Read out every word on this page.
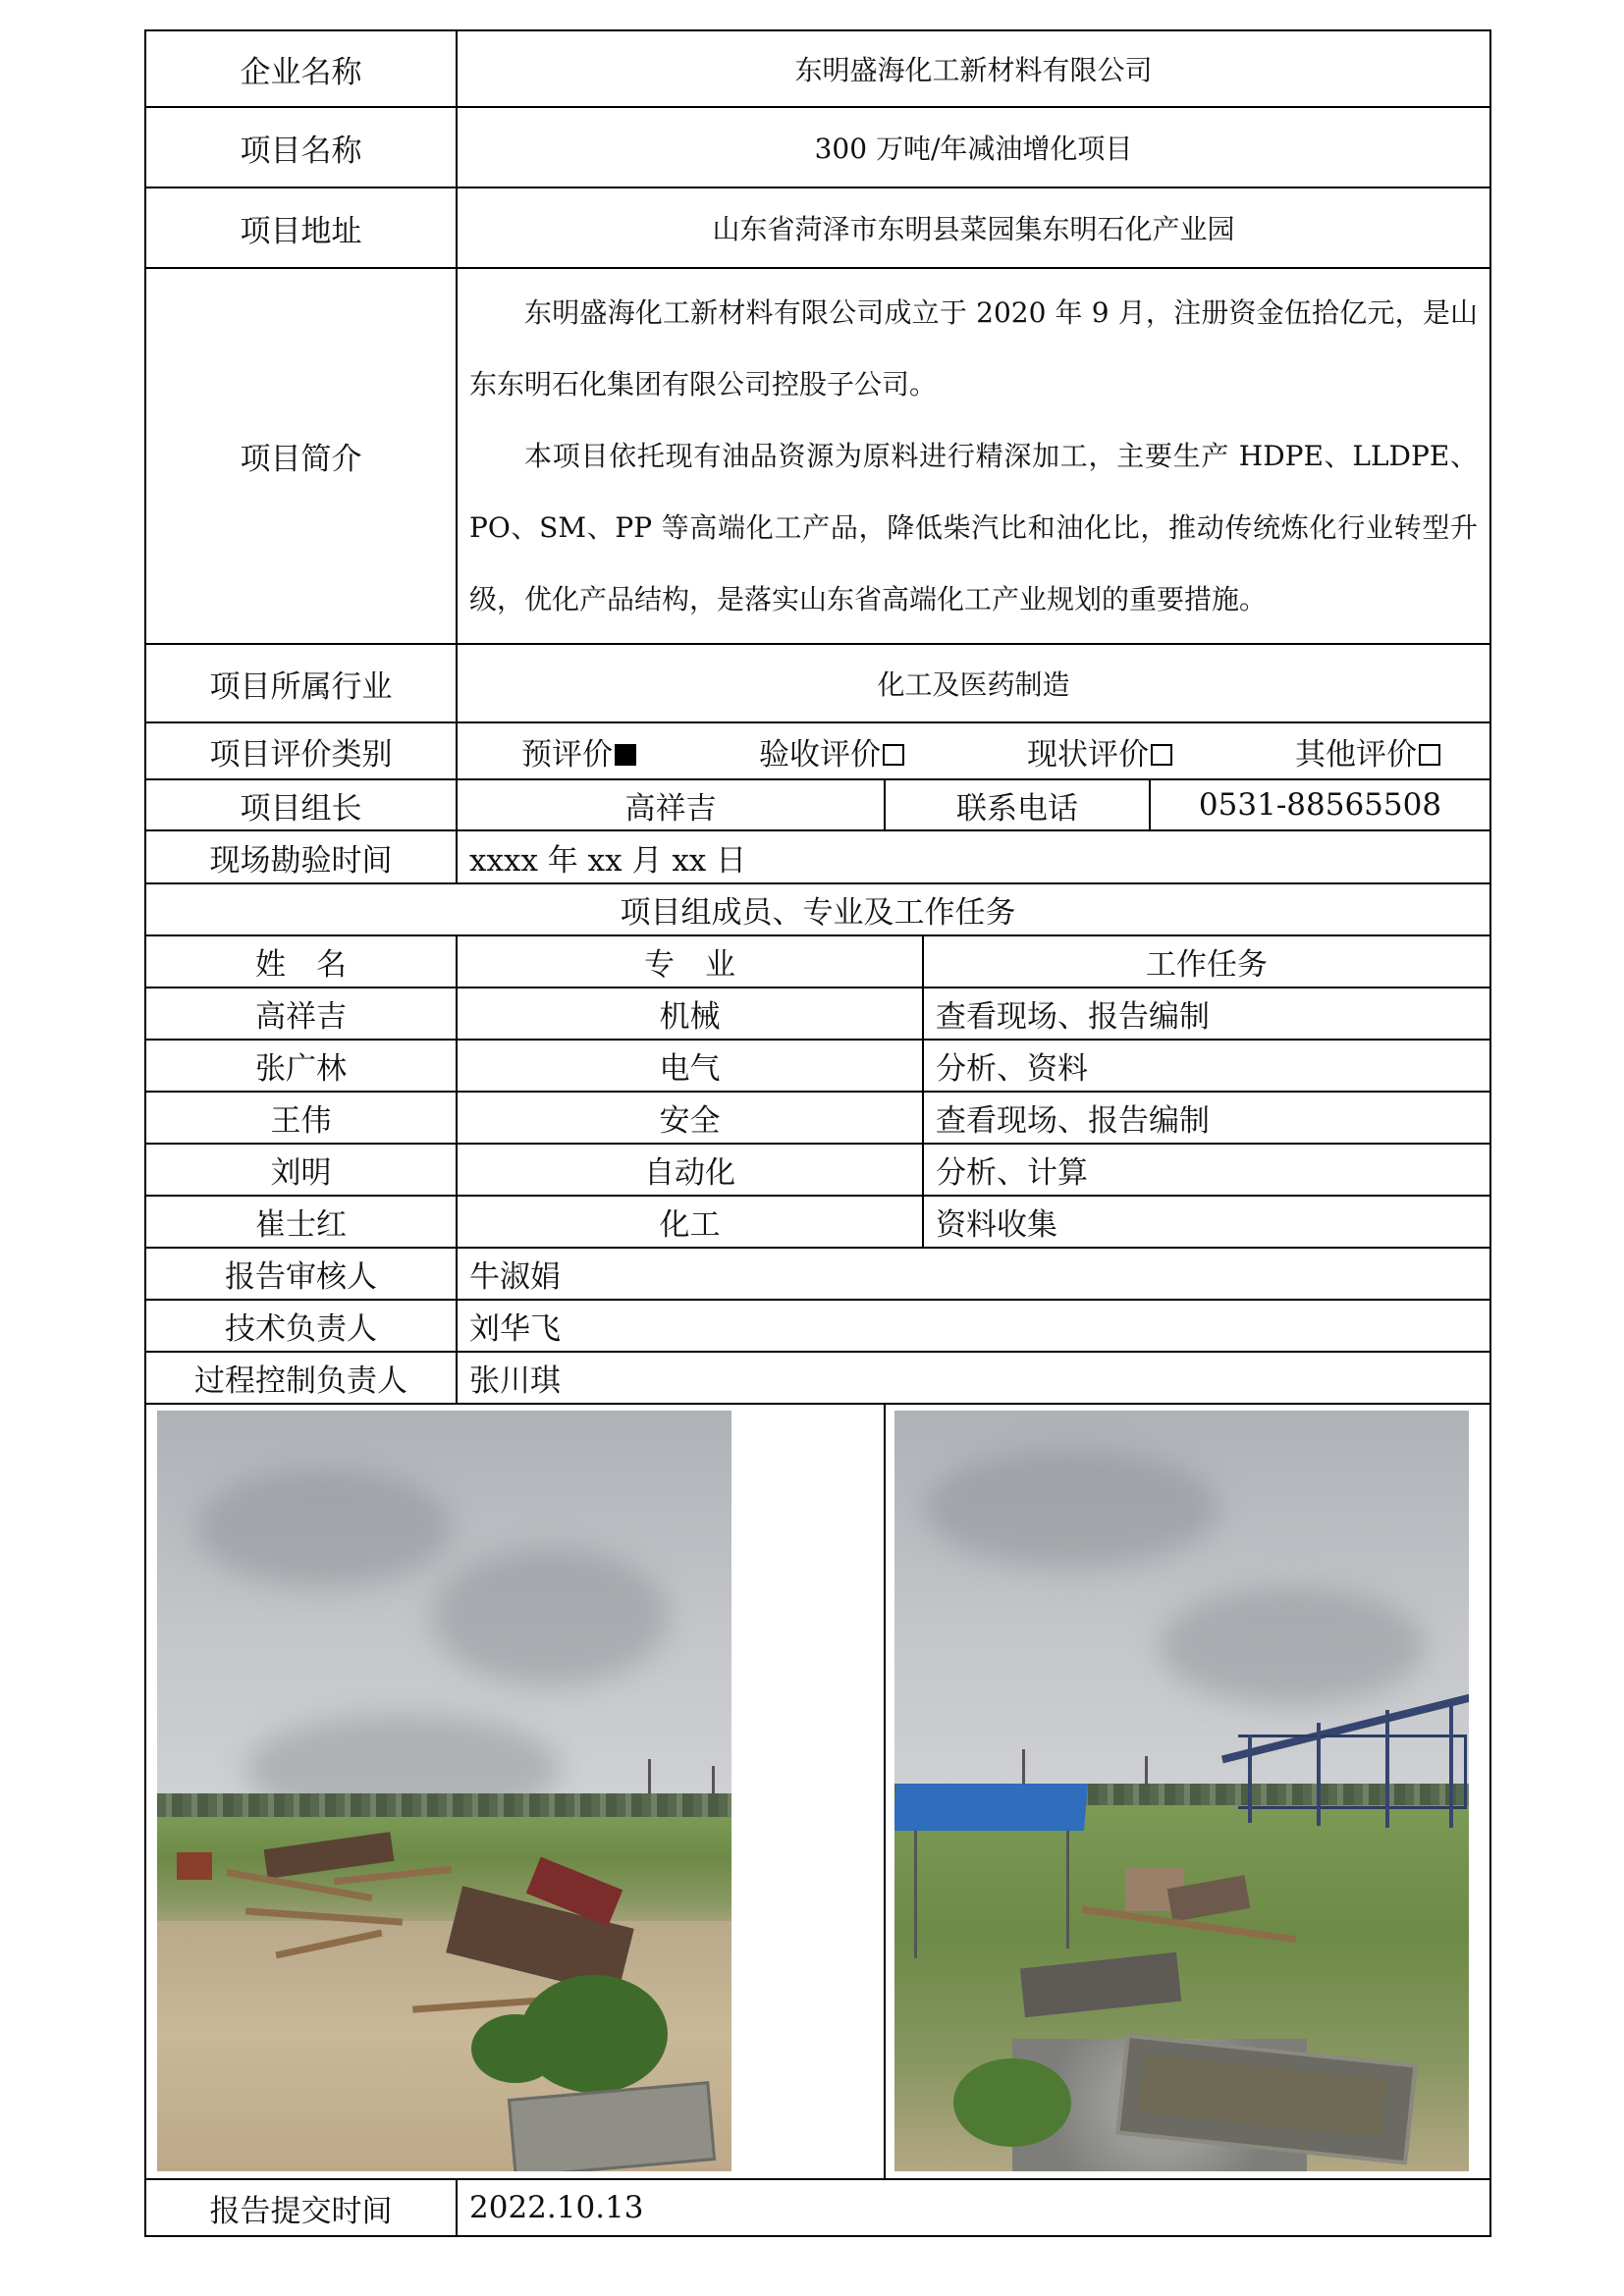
企业名称	东明盛海化工新材料有限公司			
项目名称	300 万吨/年减油增化项目			
项目地址	山东省菏泽市东明县菜园集东明石化产业园			
项目简介	东明盛海化工新材料有限公司成立于 2020 年 9 月，注册资金伍拾亿元，是山东东明石化集团有限公司控股子公司。

本项目依托现有油品资源为原料进行精深加工，主要生产 HDPE、LLDPE、PO、SM、PP 等高端化工产品，降低柴汽比和油化比，推动传统炼化行业转型升级，优化产品结构，是落实山东省高端化工产业规划的重要措施。			

项目所属行业	化工及医药制造			
项目评价类别	预评价 验收评价 现状评价 其他评价			

项目组长	高祥吉	联系电话		0531-88565508
现场勘验时间	xxxx 年 xx 月 xx 日			
项目组成员、专业及工作任务				
姓　名	专　业		工作任务	
高祥吉	机械		查看现场、报告编制	
张广林	电气		分析、资料	
王伟	安全		查看现场、报告编制	
刘明	自动化		分析、计算	
崔士红	化工		资料收集	
报告审核人	牛淑娟			
技术负责人	刘华飞			
过程控制负责人	张川琪			

报告提交时间	2022.10.13			
